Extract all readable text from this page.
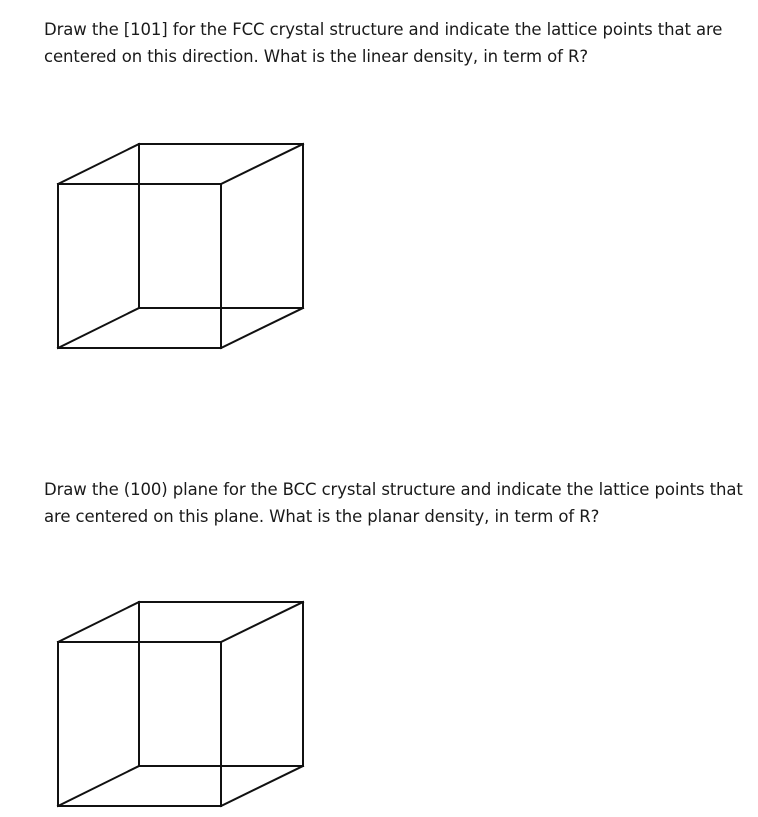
Draw the [101] for the FCC crystal structure and indicate the lattice points that are
centered on this direction. What is the linear density, in term of R?
Draw the (100) plane for the BCC crystal structure and indicate the lattice points that
are centered on this plane. What is the planar density, in term of R?
